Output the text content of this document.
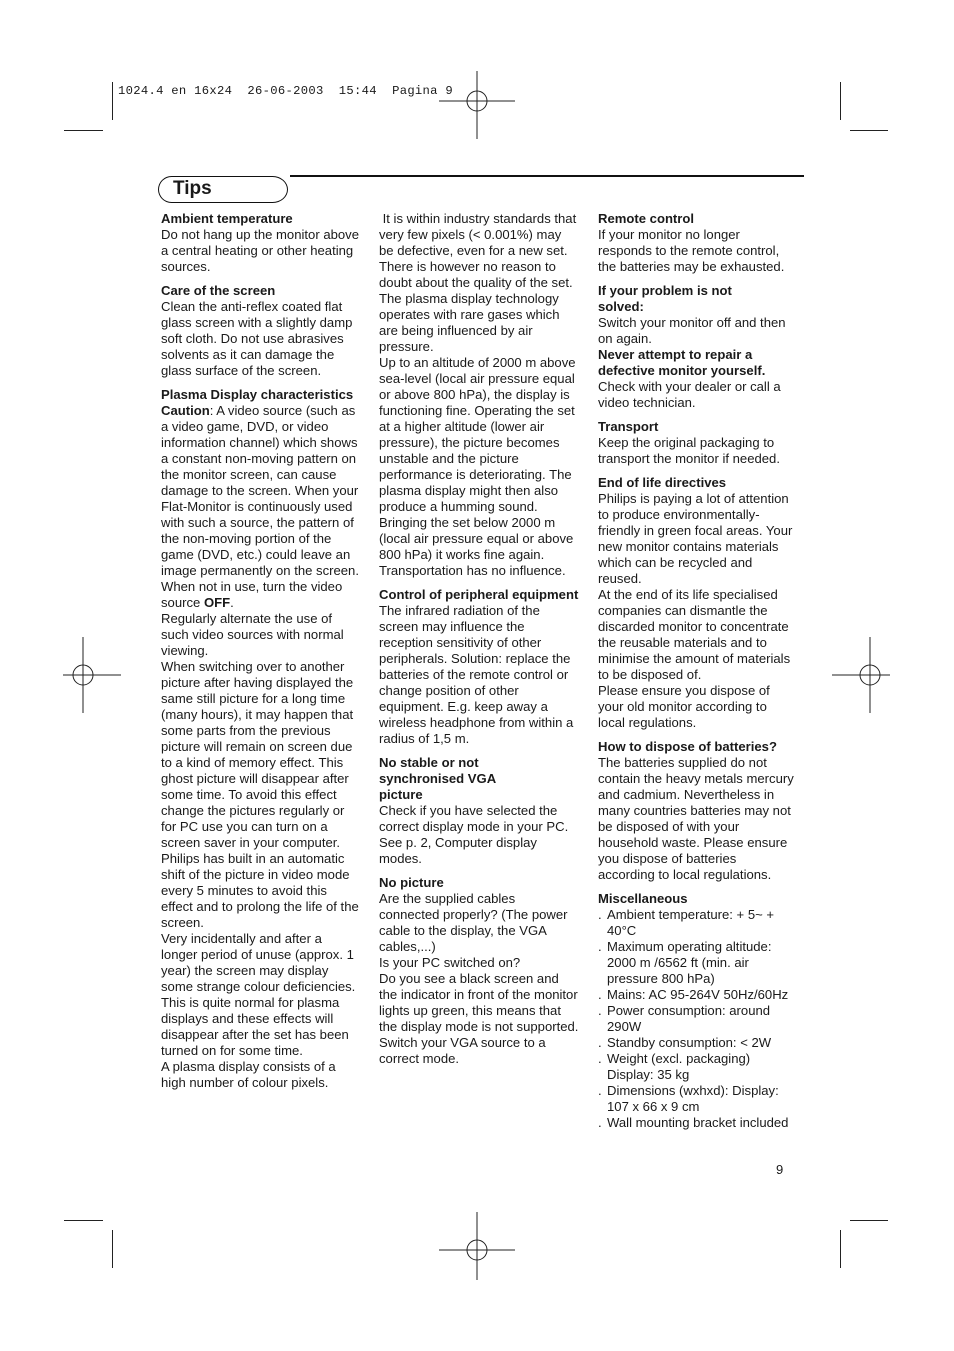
1024.4 en 16x24  26-06-2003  15:44  Pagina 9
Tips

Ambient temperature

Do not hang up the monitor above a central heating or other heating sources.

Care of the screen

Clean the anti-reflex coated flat glass screen with a slightly damp soft cloth. Do not use abrasives solvents as it can damage the glass surface of the screen.

Plasma Display characteristics

Caution: A video source (such as a video game, DVD, or video information channel) which shows a constant non-moving pattern on the monitor screen, can cause damage to the screen. When your Flat-Monitor is continuously used with such a source, the pattern of the non-moving portion of the game (DVD, etc.) could leave an image permanently on the screen. When not in use, turn the video source OFF.

Regularly alternate the use of such video sources with normal viewing.

When switching over to another picture after having displayed the same still picture for a long time (many hours), it may happen that some parts from the previous picture will remain on screen due to a kind of memory effect. This ghost picture will disappear after some time. To avoid this effect change the pictures regularly or for PC use you can turn on a screen saver in your computer.

Philips has built in an automatic shift of the picture in video mode every 5 minutes to avoid this effect and to prolong the life of the screen.

Very incidentally and after a longer period of unuse (approx. 1 year) the screen may display some strange colour deficiencies. This is quite normal for plasma displays and these effects will disappear after the set has been turned on for some time.

A plasma display consists of a high number of colour pixels.

It is within industry standards that very few pixels (< 0.001%) may be defective, even for a new set. There is however no reason to doubt about the quality of the set.

The plasma display technology operates with rare gases which are being influenced by air pressure.

Up to an altitude of 2000 m above sea-level (local air pressure equal or above 800 hPa), the display is functioning fine. Operating the set at a higher altitude (lower air pressure), the picture becomes unstable and the picture performance is deteriorating. The plasma display might then also produce a humming sound. Bringing the set below 2000 m (local air pressure equal or above 800 hPa) it works fine again. Transportation has no influence.

Control of peripheral equipment

The infrared radiation of the screen may influence the reception sensitivity of other peripherals. Solution: replace the batteries of the remote control or change position of other equipment. E.g. keep away a wireless headphone from within a radius of 1,5 m.

No stable or not synchronised VGA picture

Check if you have selected the correct display mode in your PC. See p. 2, Computer display modes.

No picture

Are the supplied cables connected properly? (The power cable to the display, the VGA cables,...)

Is your PC switched on?

Do you see a black screen and the indicator in front of the monitor lights up green, this means that the display mode is not supported.

Switch your VGA source to a correct mode.

Remote control

If your monitor no longer responds to the remote control, the batteries may be exhausted.

If your problem is not solved:

Switch your monitor off and then on again.

Never attempt to repair a defective monitor yourself.

Check with your dealer or call a video technician.

Transport

Keep the original packaging to transport the monitor if needed.

End of life directives

Philips is paying a lot of attention to produce environmentally-friendly in green focal areas. Your new monitor contains materials which can be recycled and reused.

At the end of its life specialised companies can dismantle the discarded monitor to concentrate the reusable materials and to minimise the amount of materials to be disposed of.

Please ensure you dispose of your old monitor according to local regulations.

How to dispose of batteries?

The batteries supplied do not contain the heavy metals mercury and cadmium. Nevertheless in many countries batteries may not be disposed of with your household waste. Please ensure you dispose of batteries according to local regulations.

Miscellaneous

. Ambient temperature: + 5~ + 40°C
. Maximum operating altitude: 2000 m /6562 ft (min. air pressure 800 hPa)
. Mains: AC 95-264V 50Hz/60Hz
. Power consumption: around 290W
. Standby consumption: < 2W
. Weight (excl. packaging) Display: 35 kg
. Dimensions (wxhxd): Display: 107 x 66 x 9 cm
. Wall mounting bracket included
9
